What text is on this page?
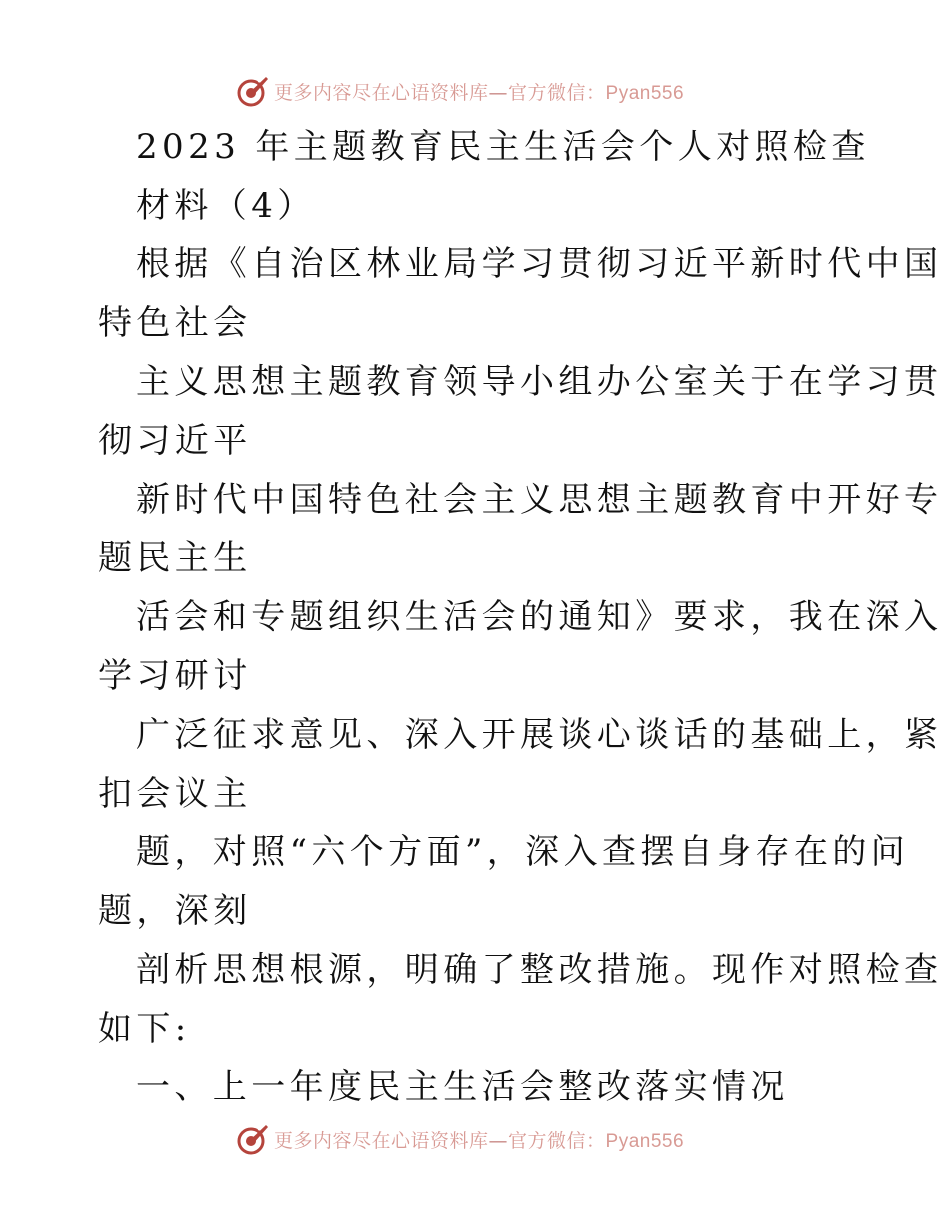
更多内容尽在心语资料库—官方微信：Pyan556
2023 年主题教育民主生活会个人对照检查
材料（4）
根据《自治区林业局学习贯彻习近平新时代中国
特色社会
主义思想主题教育领导小组办公室关于在学习贯
彻习近平
新时代中国特色社会主义思想主题教育中开好专
题民主生
活会和专题组织生活会的通知》要求，我在深入
学习研讨
广泛征求意见、深入开展谈心谈话的基础上，紧
扣会议主
题，对照“六个方面”，深入查摆自身存在的问
题，深刻
剖析思想根源，明确了整改措施。现作对照检查
如下:
一、上一年度民主生活会整改落实情况
更多内容尽在心语资料库—官方微信：Pyan556
